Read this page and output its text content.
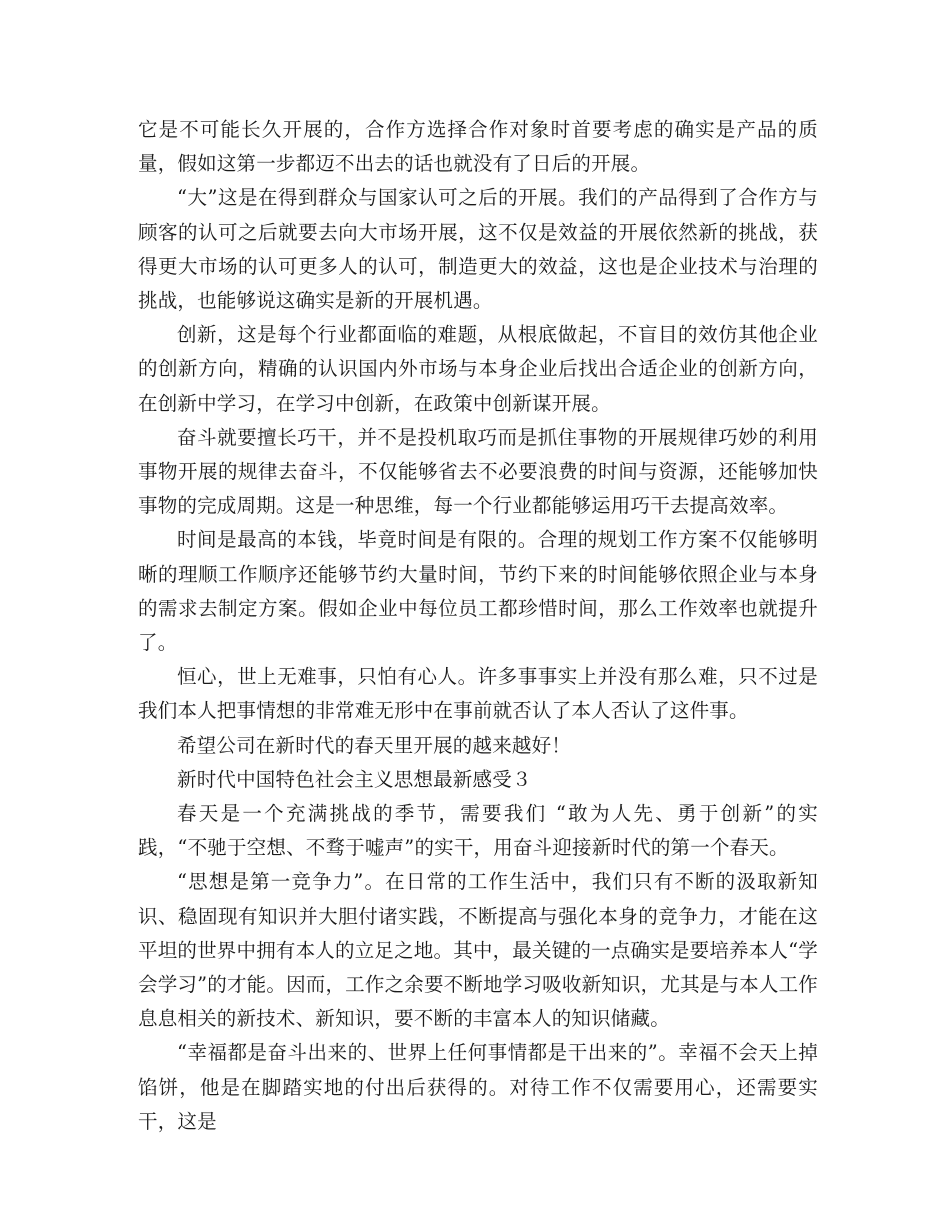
它是不可能长久开展的，合作方选择合作对象时首要考虑的确实是产品的质量，假如这第一步都迈不出去的话也就没有了日后的开展。

“大”这是在得到群众与国家认可之后的开展。我们的产品得到了合作方与顾客的认可之后就要去向大市场开展，这不仅是效益的开展依然新的挑战，获得更大市场的认可更多人的认可，制造更大的效益，这也是企业技术与治理的挑战，也能够说这确实是新的开展机遇。

创新，这是每个行业都面临的难题，从根底做起，不盲目的效仿其他企业的创新方向，精确的认识国内外市场与本身企业后找出合适企业的创新方向，在创新中学习，在学习中创新，在政策中创新谋开展。

奋斗就要擅长巧干，并不是投机取巧而是抓住事物的开展规律巧妙的利用事物开展的规律去奋斗，不仅能够省去不必要浪费的时间与资源，还能够加快事物的完成周期。这是一种思维，每一个行业都能够运用巧干去提高效率。

时间是最高的本钱，毕竟时间是有限的。合理的规划工作方案不仅能够明晰的理顺工作顺序还能够节约大量时间，节约下来的时间能够依照企业与本身的需求去制定方案。假如企业中每位员工都珍惜时间，那么工作效率也就提升了。

恒心，世上无难事，只怕有心人。许多事事实上并没有那么难，只不过是我们本人把事情想的非常难无形中在事前就否认了本人否认了这件事。

希望公司在新时代的春天里开展的越来越好！

新时代中国特色社会主义思想最新感受３

春天是一个充满挑战的季节，需要我们 “敢为人先、勇于创新”的实践，“不驰于空想、不骛于嘘声”的实干，用奋斗迎接新时代的第一个春天。

“思想是第一竞争力”。在日常的工作生活中，我们只有不断的汲取新知识、稳固现有知识并大胆付诸实践，不断提高与强化本身的竞争力，才能在这平坦的世界中拥有本人的立足之地。其中，最关键的一点确实是要培养本人“学会学习”的才能。因而，工作之余要不断地学习吸收新知识，尤其是与本人工作息息相关的新技术、新知识，要不断的丰富本人的知识储藏。

“幸福都是奋斗出来的、世界上任何事情都是干出来的”。幸福不会天上掉馅饼，他是在脚踏实地的付出后获得的。对待工作不仅需要用心，还需要实干，这是
